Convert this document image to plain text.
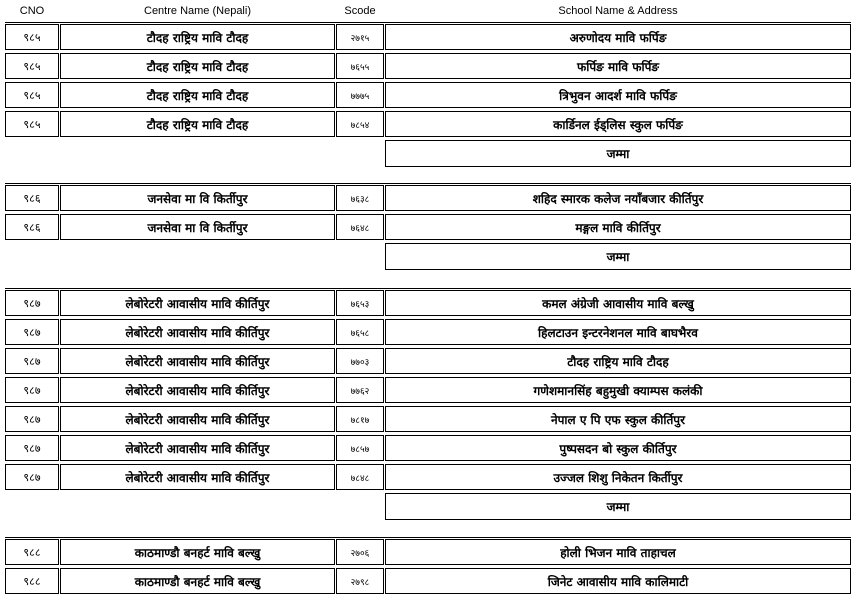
CNO	Centre Name (Nepali)	Scode	School Name & Address
९८५	टौदह राष्ट्रिय मावि टौदह	२७१५	अरुणोदय मावि फर्पिङ
९८५	टौदह राष्ट्रिय मावि टौदह	७६५५	फर्पिङ मावि फर्पिङ
९८५	टौदह राष्ट्रिय मावि टौदह	७७७५	त्रिभुवन आदर्श मावि फर्पिङ
९८५	टौदह राष्ट्रिय मावि टौदह	७८५४	कार्डिनल ईड्लिस स्कुल फर्पिङ
जम्मा
९८६	जनसेवा मा वि किर्तीपुर	७६३८	शहिद स्मारक कलेज नयाँबजार कीर्तिपुर
९८६	जनसेवा मा वि किर्तीपुर	७६४८	मङ्गल मावि कीर्तिपुर
जम्मा
९८७	लेबोरेटरी आवासीय मावि कीर्तिपुर	७६५३	कमल अंग्रेजी आवासीय मावि बल्खु
९८७	लेबोरेटरी आवासीय मावि कीर्तिपुर	७६५८	हिलटाउन इन्टरनेशनल मावि बाघभैरव
९८७	लेबोरेटरी आवासीय मावि कीर्तिपुर	७७०३	टौदह राष्ट्रिय मावि टौदह
९८७	लेबोरेटरी आवासीय मावि कीर्तिपुर	७७६२	गणेशमानसिंह बहुमुखी क्याम्पस कलंकी
९८७	लेबोरेटरी आवासीय मावि कीर्तिपुर	७८१७	नेपाल ए पि एफ स्कुल कीर्तिपुर
९८७	लेबोरेटरी आवासीय मावि कीर्तिपुर	७८५७	पुष्पसदन बो स्कुल कीर्तिपुर
९८७	लेबोरेटरी आवासीय मावि कीर्तिपुर	७८४८	उज्जल शिशु निकेतन किर्तीपुर
जम्मा
९८८	काठमाण्डौ बनहर्ट मावि बल्खु	२७०६	होली भिजन मावि ताहाचल
९८८	काठमाण्डौ बनहर्ट मावि बल्खु	२७९८	जिनेट आवासीय मावि कालिमाटी
